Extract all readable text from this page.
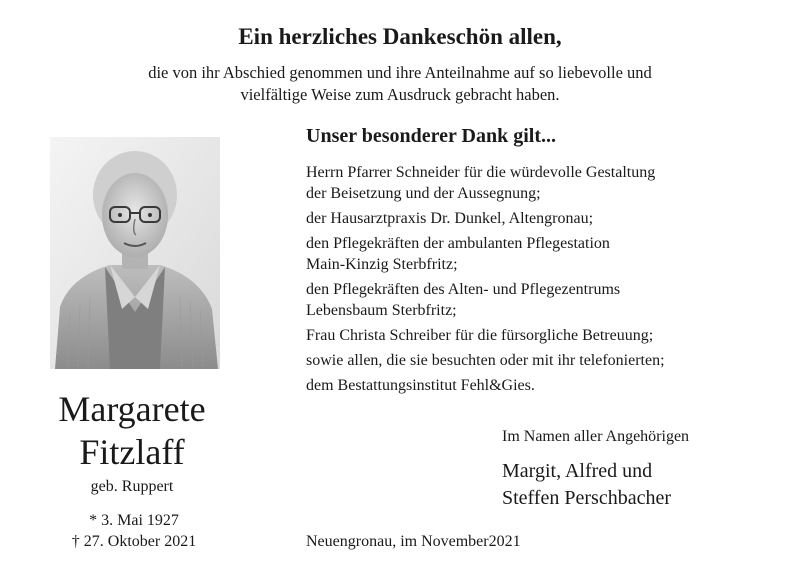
Ein herzliches Dankeschön allen,
die von ihr Abschied genommen und ihre Anteilnahme auf so liebevolle und
vielfältige Weise zum Ausdruck gebracht haben.
Margarete
Fitzlaff
geb. Ruppert
* 3. Mai 1927
† 27. Oktober 2021
Unser besonderer Dank gilt...
Herrn Pfarrer Schneider für die würdevolle Gestaltung
der Beisetzung und der Aussegnung;
der Hausarztpraxis Dr. Dunkel, Altengronau;
den Pflegekräften der ambulanten Pflegestation
Main-Kinzig Sterbfritz;
den Pflegekräften des Alten- und Pflegezentrums
Lebensbaum Sterbfritz;
Frau Christa Schreiber für die fürsorgliche Betreuung;
sowie allen, die sie besuchten oder mit ihr telefonierten;
dem Bestattungsinstitut Fehl&Gies.
Im Namen aller Angehörigen
Margit, Alfred und
Steffen Perschbacher
Neuengronau, im November2021
